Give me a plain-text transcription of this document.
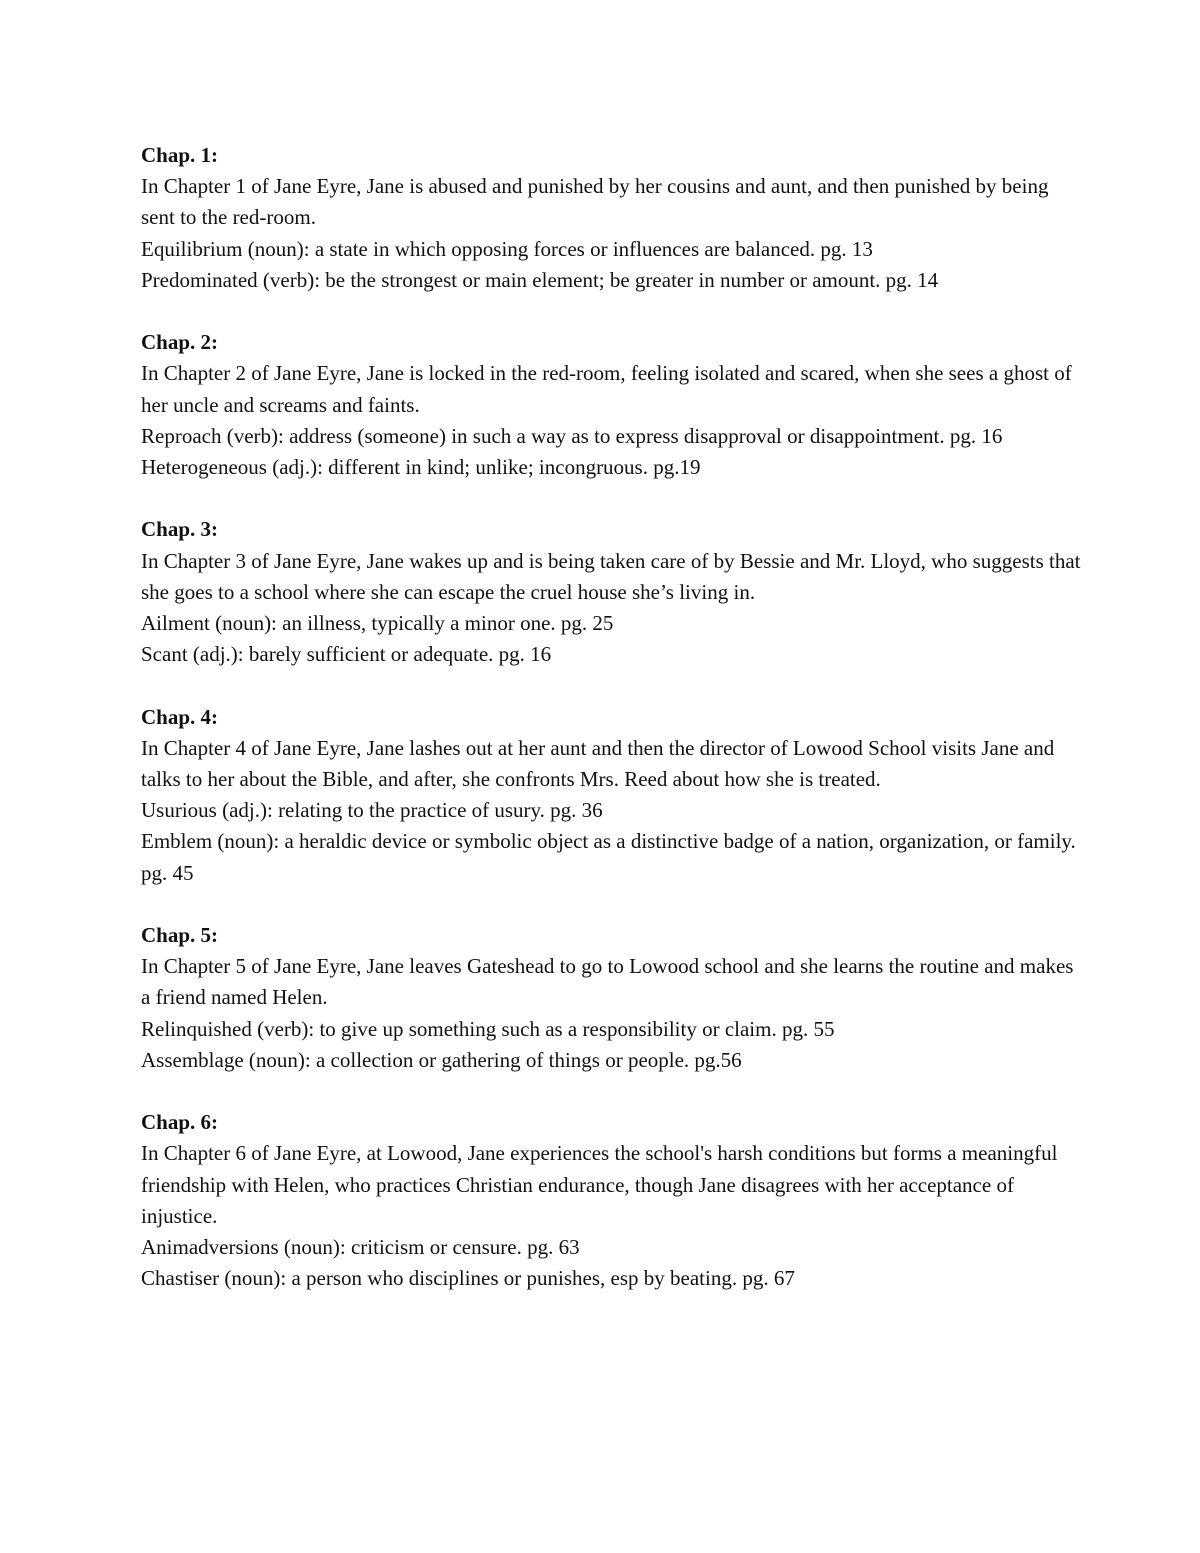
Chap. 1:
In Chapter 1 of Jane Eyre, Jane is abused and punished by her cousins and aunt, and then punished by being sent to the red-room.
Equilibrium (noun): a state in which opposing forces or influences are balanced. pg. 13
Predominated (verb): be the strongest or main element; be greater in number or amount. pg. 14
Chap. 2:
In Chapter 2 of Jane Eyre, Jane is locked in the red-room, feeling isolated and scared, when she sees a ghost of her uncle and screams and faints.
Reproach (verb): address (someone) in such a way as to express disapproval or disappointment. pg. 16
Heterogeneous (adj.): different in kind; unlike; incongruous. pg.19
Chap. 3:
In Chapter 3 of Jane Eyre, Jane wakes up and is being taken care of by Bessie and Mr. Lloyd, who suggests that she goes to a school where she can escape the cruel house she’s living in.
Ailment (noun): an illness, typically a minor one. pg. 25
Scant (adj.): barely sufficient or adequate. pg. 16
Chap. 4:
In Chapter 4 of Jane Eyre, Jane lashes out at her aunt and then the director of Lowood School visits Jane and talks to her about the Bible, and after, she confronts Mrs. Reed about how she is treated.
Usurious (adj.): relating to the practice of usury. pg. 36
Emblem (noun): a heraldic device or symbolic object as a distinctive badge of a nation, organization, or family. pg. 45
Chap. 5:
In Chapter 5 of Jane Eyre, Jane leaves Gateshead to go to Lowood school and she learns the routine and makes a friend named Helen.
Relinquished (verb): to give up something such as a responsibility or claim. pg. 55
Assemblage (noun): a collection or gathering of things or people. pg.56
Chap. 6:
In Chapter 6 of Jane Eyre, at Lowood, Jane experiences the school's harsh conditions but forms a meaningful friendship with Helen, who practices Christian endurance, though Jane disagrees with her acceptance of injustice.
Animadversions (noun): criticism or censure. pg. 63
Chastiser (noun): a person who disciplines or punishes, esp by beating. pg. 67
